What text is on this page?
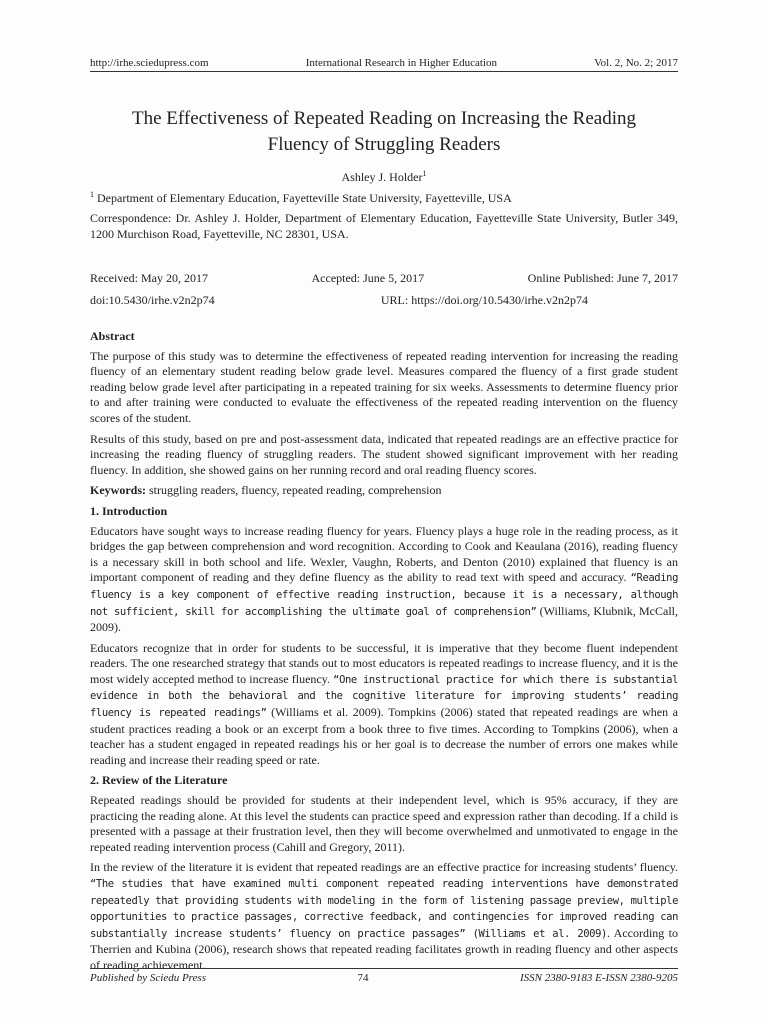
http://irhe.sciedupress.com	International Research in Higher Education	Vol. 2, No. 2; 2017
The Effectiveness of Repeated Reading on Increasing the Reading
Fluency of Struggling Readers
Ashley J. Holder$^1$
$^1$ Department of Elementary Education, Fayetteville State University, Fayetteville, USA
Correspondence: Dr. Ashley J. Holder, Department of Elementary Education, Fayetteville State University, Butler 349, 1200 Murchison Road, Fayetteville, NC 28301, USA.
Received: May 20, 2017	Accepted: June 5, 2017	Online Published: June 7, 2017
doi:10.5430/irhe.v2n2p74	URL: https://doi.org/10.5430/irhe.v2n2p74
Abstract

The purpose of this study was to determine the effectiveness of repeated reading intervention for increasing the reading fluency of an elementary student reading below grade level. Measures compared the fluency of a first grade student reading below grade level after participating in a repeated training for six weeks. Assessments to determine fluency prior to and after training were conducted to evaluate the effectiveness of the repeated reading intervention on the fluency scores of the student.

Results of this study, based on pre and post-assessment data, indicated that repeated readings are an effective practice for increasing the reading fluency of struggling readers. The student showed significant improvement with her reading fluency. In addition, she showed gains on her running record and oral reading fluency scores.

Keywords: struggling readers, fluency, repeated reading, comprehension

1. Introduction

Educators have sought ways to increase reading fluency for years. Fluency plays a huge role in the reading process, as it bridges the gap between comprehension and word recognition. According to Cook and Keaulana (2016), reading fluency is a necessary skill in both school and life. Wexler, Vaughn, Roberts, and Denton (2010) explained that fluency is an important component of reading and they define fluency as the ability to read text with speed and accuracy. “Reading fluency is a key component of effective reading instruction, because it is a necessary, although not sufficient, skill for accomplishing the ultimate goal of comprehension” (Williams, Klubnik, McCall, 2009).

Educators recognize that in order for students to be successful, it is imperative that they become fluent independent readers. The one researched strategy that stands out to most educators is repeated readings to increase fluency, and it is the most widely accepted method to increase fluency. “One instructional practice for which there is substantial evidence in both the behavioral and the cognitive literature for improving students’ reading fluency is repeated readings” (Williams et al. 2009). Tompkins (2006) stated that repeated readings are when a student practices reading a book or an excerpt from a book three to five times. According to Tompkins (2006), when a teacher has a student engaged in repeated readings his or her goal is to decrease the number of errors one makes while reading and increase their reading speed or rate.

2. Review of the Literature

Repeated readings should be provided for students at their independent level, which is 95% accuracy, if they are practicing the reading alone. At this level the students can practice speed and expression rather than decoding. If a child is presented with a passage at their frustration level, then they will become overwhelmed and unmotivated to engage in the repeated reading intervention process (Cahill and Gregory, 2011).

In the review of the literature it is evident that repeated readings are an effective practice for increasing students’ fluency. “The studies that have examined multi component repeated reading interventions have demonstrated repeatedly that providing students with modeling in the form of listening passage preview, multiple opportunities to practice passages, corrective feedback, and contingencies for improved reading can substantially increase students’ fluency on practice passages” (Williams et al. 2009). According to Therrien and Kubina (2006), research shows that repeated reading facilitates growth in reading fluency and other aspects of reading achievement.

Published by Sciedu Press	74	ISSN 2380-9183 E-ISSN 2380-9205
